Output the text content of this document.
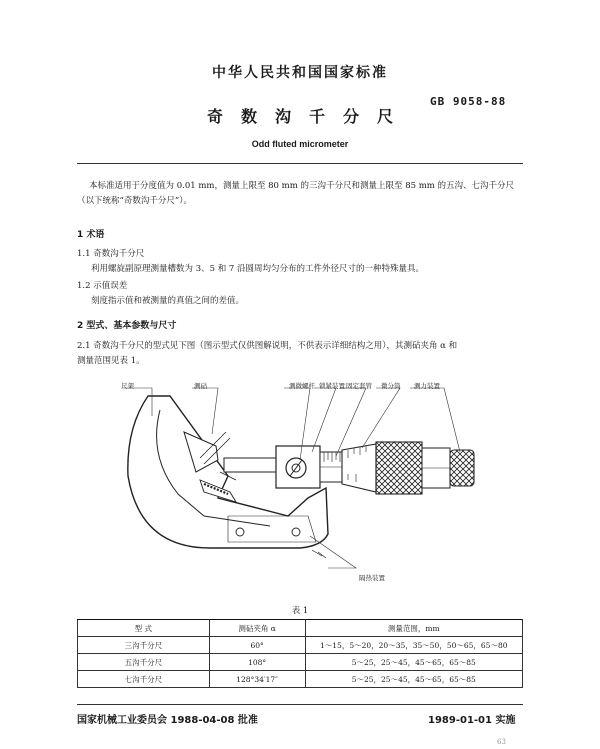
中华人民共和国国家标准
GB 9058-88
奇数沟千分尺
Odd fluted micrometer
本标准适用于分度值为 0.01 mm，测量上限至 80 mm 的三沟千分尺和测量上限至 85 mm 的五沟、七沟千分尺（以下统称“奇数沟千分尺”）。
1 术语
1.1 奇数沟千分尺
利用螺旋副原理测量槽数为 3、5 和 7 沿圆周均匀分布的工件外径尺寸的一种特殊量具。
1.2 示值误差
刻度指示值和被测量的真值之间的差值。
2 型式、基本参数与尺寸
2.1 奇数沟千分尺的型式见下图（图示型式仅供图解说明，不供表示详细结构之用），其测砧夹角 α 和
测量范围见表 1。
尺架	测砧	测微螺杆 锁紧装置 固定套管 微分筒 测力装置
隔热装置
表 1
型 式	测砧夹角 α	测量范围，mm
三沟千分尺	60°	1～15，5～20，20～35，35～50，50～65，65～80
五沟千分尺	108°	5～25，25～45，45～65，65～85
七沟千分尺	128°34′17″	5～25，25～45，45～65，65～85
国家机械工业委员会 1988-04-08 批准	1989-01-01 实施
63
